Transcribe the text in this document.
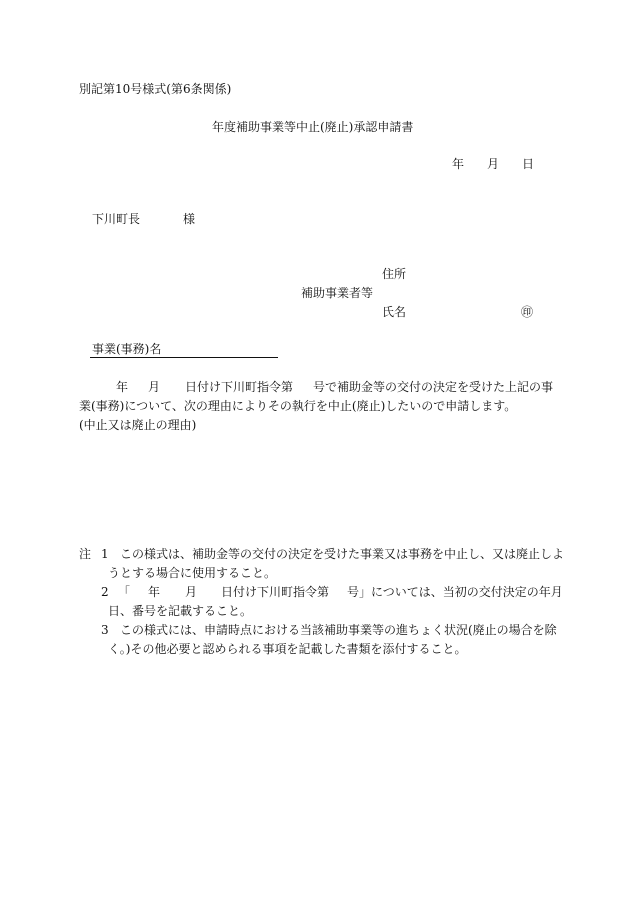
別記第10号様式(第6条関係)
年度補助事業等中止(廃止)承認申請書
年 月 日
下川町長	様
住所
補助事業者等
氏名	㊞
事業(事務)名
年 月 日付け下川町指令第 号で補助金等の交付の決定を受けた上記の事
業(事務)について、次の理由によりその執行を中止(廃止)したいので申請します。
(中止又は廃止の理由)
注 1 この様式は、補助金等の交付の決定を受けた事業又は事務を中止し、又は廃止しよ
うとする場合に使用すること。
2 「 年 月 日付け下川町指令第 号」については、当初の交付決定の年月
日、番号を記載すること。
3 この様式には、申請時点における当該補助事業等の進ちょく状況(廃止の場合を除
く。)その他必要と認められる事項を記載した書類を添付すること。
